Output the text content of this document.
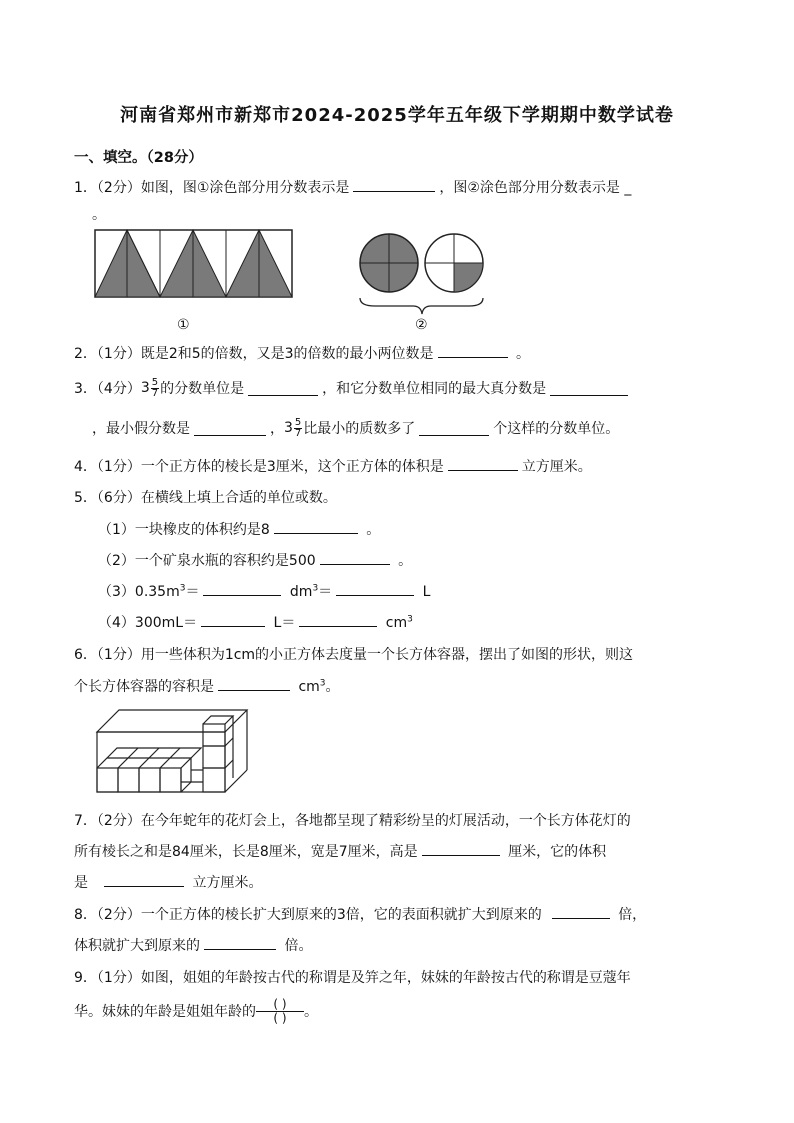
河南省郑州市新郑市2024-2025学年五年级下学期期中数学试卷
一、填空。（28分）
1．（2分）如图，图①涂色部分用分数表示是	，图②涂色部分用分数表示是 _
。
①	②
2．（1分）既是2和5的倍数，又是3的倍数的最小两位数是	。
3．（4分） $3 \frac{5}{7}$ 的分数单位是	，和它分数单位相同的最大真分数是
，最小假分数是	， $3 \frac{5}{7}$ 比最小的质数多了	个这样的分数单位。
4．（1分）一个正方体的棱长是3厘米，这个正方体的体积是	立方厘米。
5．（6分）在横线上填上合适的单位或数。
（1）一块橡皮的体积约是8	。
（2）一个矿泉水瓶的容积约是500	。
$(3)0.35m^3=$	$dm^3=$	L
（4）300mL＝	L＝	$cm^3$
6．（1分）用一些体积为1cm的小正方体去度量一个长方体容器，摆出了如图的形状，则这
个长方体容器的容积是	$cm^3$。
7．（2分）在今年蛇年的花灯会上，各地都呈现了精彩纷呈的灯展活动，一个长方体花灯的
所有棱长之和是84厘米，长是8厘米，宽是7厘米，高是	厘米，它的体积
是	立方厘米。
8．（2分）一个正方体的棱长扩大到原来的3倍，它的表面积就扩大到原来的	倍，
体积就扩大到原来的	倍。
9．（1分）如图，姐姐的年龄按古代的称谓是及笄之年，妹妹的年龄按古代的称谓是豆蔻年
华。妹妹的年龄是姐姐年龄的 $\frac{( )}{( )}$ 。
